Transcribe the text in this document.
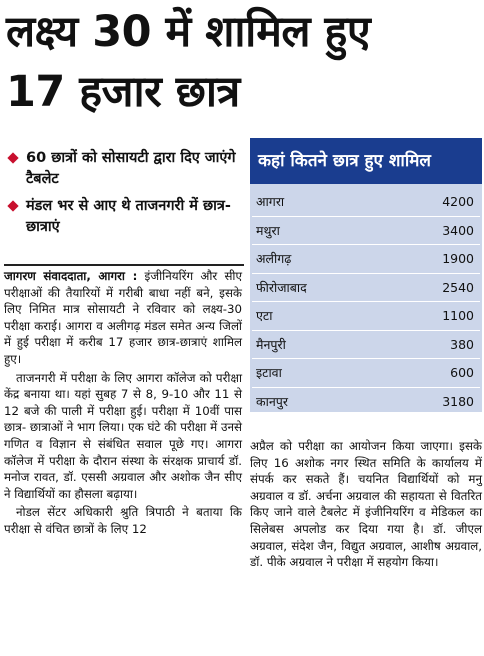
लक्ष्य 30 में शामिल हुए
17 हजार छात्र
60 छात्रों को सोसायटी द्वारा दिए जाएंगे टैबलेट
मंडल भर से आए थे ताजनगरी में छात्र-छात्राएं
कहां कितने छात्र हुए शामिल
आगरा	4200
मथुरा	3400
अलीगढ़	1900
फीरोजाबाद	2540
एटा	1100
मैनपुरी	380
इटावा	600
कानपुर	3180

जागरण संवाददाता, आगरा : इंजीनियरिंग और सीए परीक्षाओं की तैयारियों में गरीबी बाधा नहीं बने, इसके लिए निमित मात्र सोसायटी ने रविवार को लक्ष्य-30 परीक्षा कराई। आगरा व अलीगढ़ मंडल समेत अन्य जिलों में हुई परीक्षा में करीब 17 हजार छात्र-छात्राएं शामिल हुए।

ताजनगरी में परीक्षा के लिए आगरा कॉलेज को परीक्षा केंद्र बनाया था। यहां सुबह 7 से 8, 9-10 और 11 से 12 बजे की पाली में परीक्षा हुई। परीक्षा में 10वीं पास छात्र- छात्राओं ने भाग लिया। एक घंटे की परीक्षा में उनसे गणित व विज्ञान से संबंधित सवाल पूछे गए। आगरा कॉलेज में परीक्षा के दौरान संस्था के संरक्षक प्राचार्य डॉ. मनोज रावत, डॉ. एससी अग्रवाल और अशोक जैन सीए ने विद्यार्थियों का हौसला बढ़ाया।

नोडल सेंटर अधिकारी श्रुति त्रिपाठी ने बताया कि परीक्षा से वंचित छात्रों के लिए 12

अप्रैल को परीक्षा का आयोजन किया जाएगा। इसके लिए 16 अशोक नगर स्थित समिति के कार्यालय में संपर्क कर सकते हैं। चयनित विद्यार्थियों को मनु अग्रवाल व डॉ. अर्चना अग्रवाल की सहायता से वितरित किए जाने वाले टैबलेट में इंजीनियरिंग व मेडिकल का सिलेबस अपलोड कर दिया गया है। डॉ. जीएल अग्रवाल, संदेश जैन, विद्युत अग्रवाल, आशीष अग्रवाल, डॉ. पीके अग्रवाल ने परीक्षा में सहयोग किया।
